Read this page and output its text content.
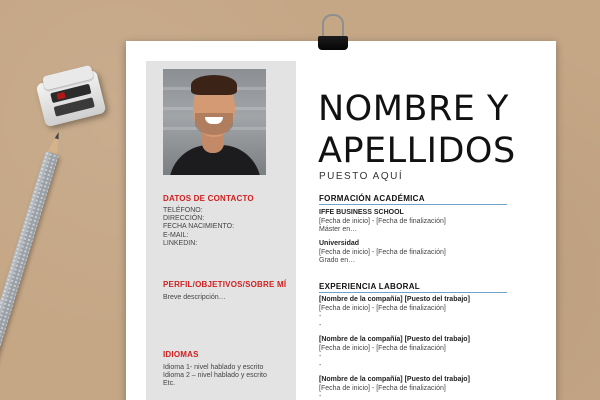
DATOS DE CONTACTO
TELÉFONO:
DIRECCIÓN:
FECHA NACIMIENTO:
E-MAIL:
LINKEDIN:
PERFIL/OBJETIVOS/SOBRE MÍ
Breve descripción…
IDIOMAS
Idioma 1- nivel hablado y escrito
Idioma 2 – nivel hablado y escrito
Etc.
NOMBRE Y
APELLIDOS
PUESTO AQUÍ
FORMACIÓN ACADÉMICA
IFFE BUSINESS SCHOOL
[Fecha de inicio] - [Fecha de finalización]
Máster en…
Universidad
[Fecha de inicio] - [Fecha de finalización]
Grado en…
EXPERIENCIA LABORAL
[Nombre de la compañía] [Puesto del trabajo]
[Fecha de inicio] - [Fecha de finalización]
-
-
[Nombre de la compañía] [Puesto del trabajo]
[Fecha de inicio] - [Fecha de finalización]
-
-
[Nombre de la compañía] [Puesto del trabajo]
[Fecha de inicio] - [Fecha de finalización]
-
